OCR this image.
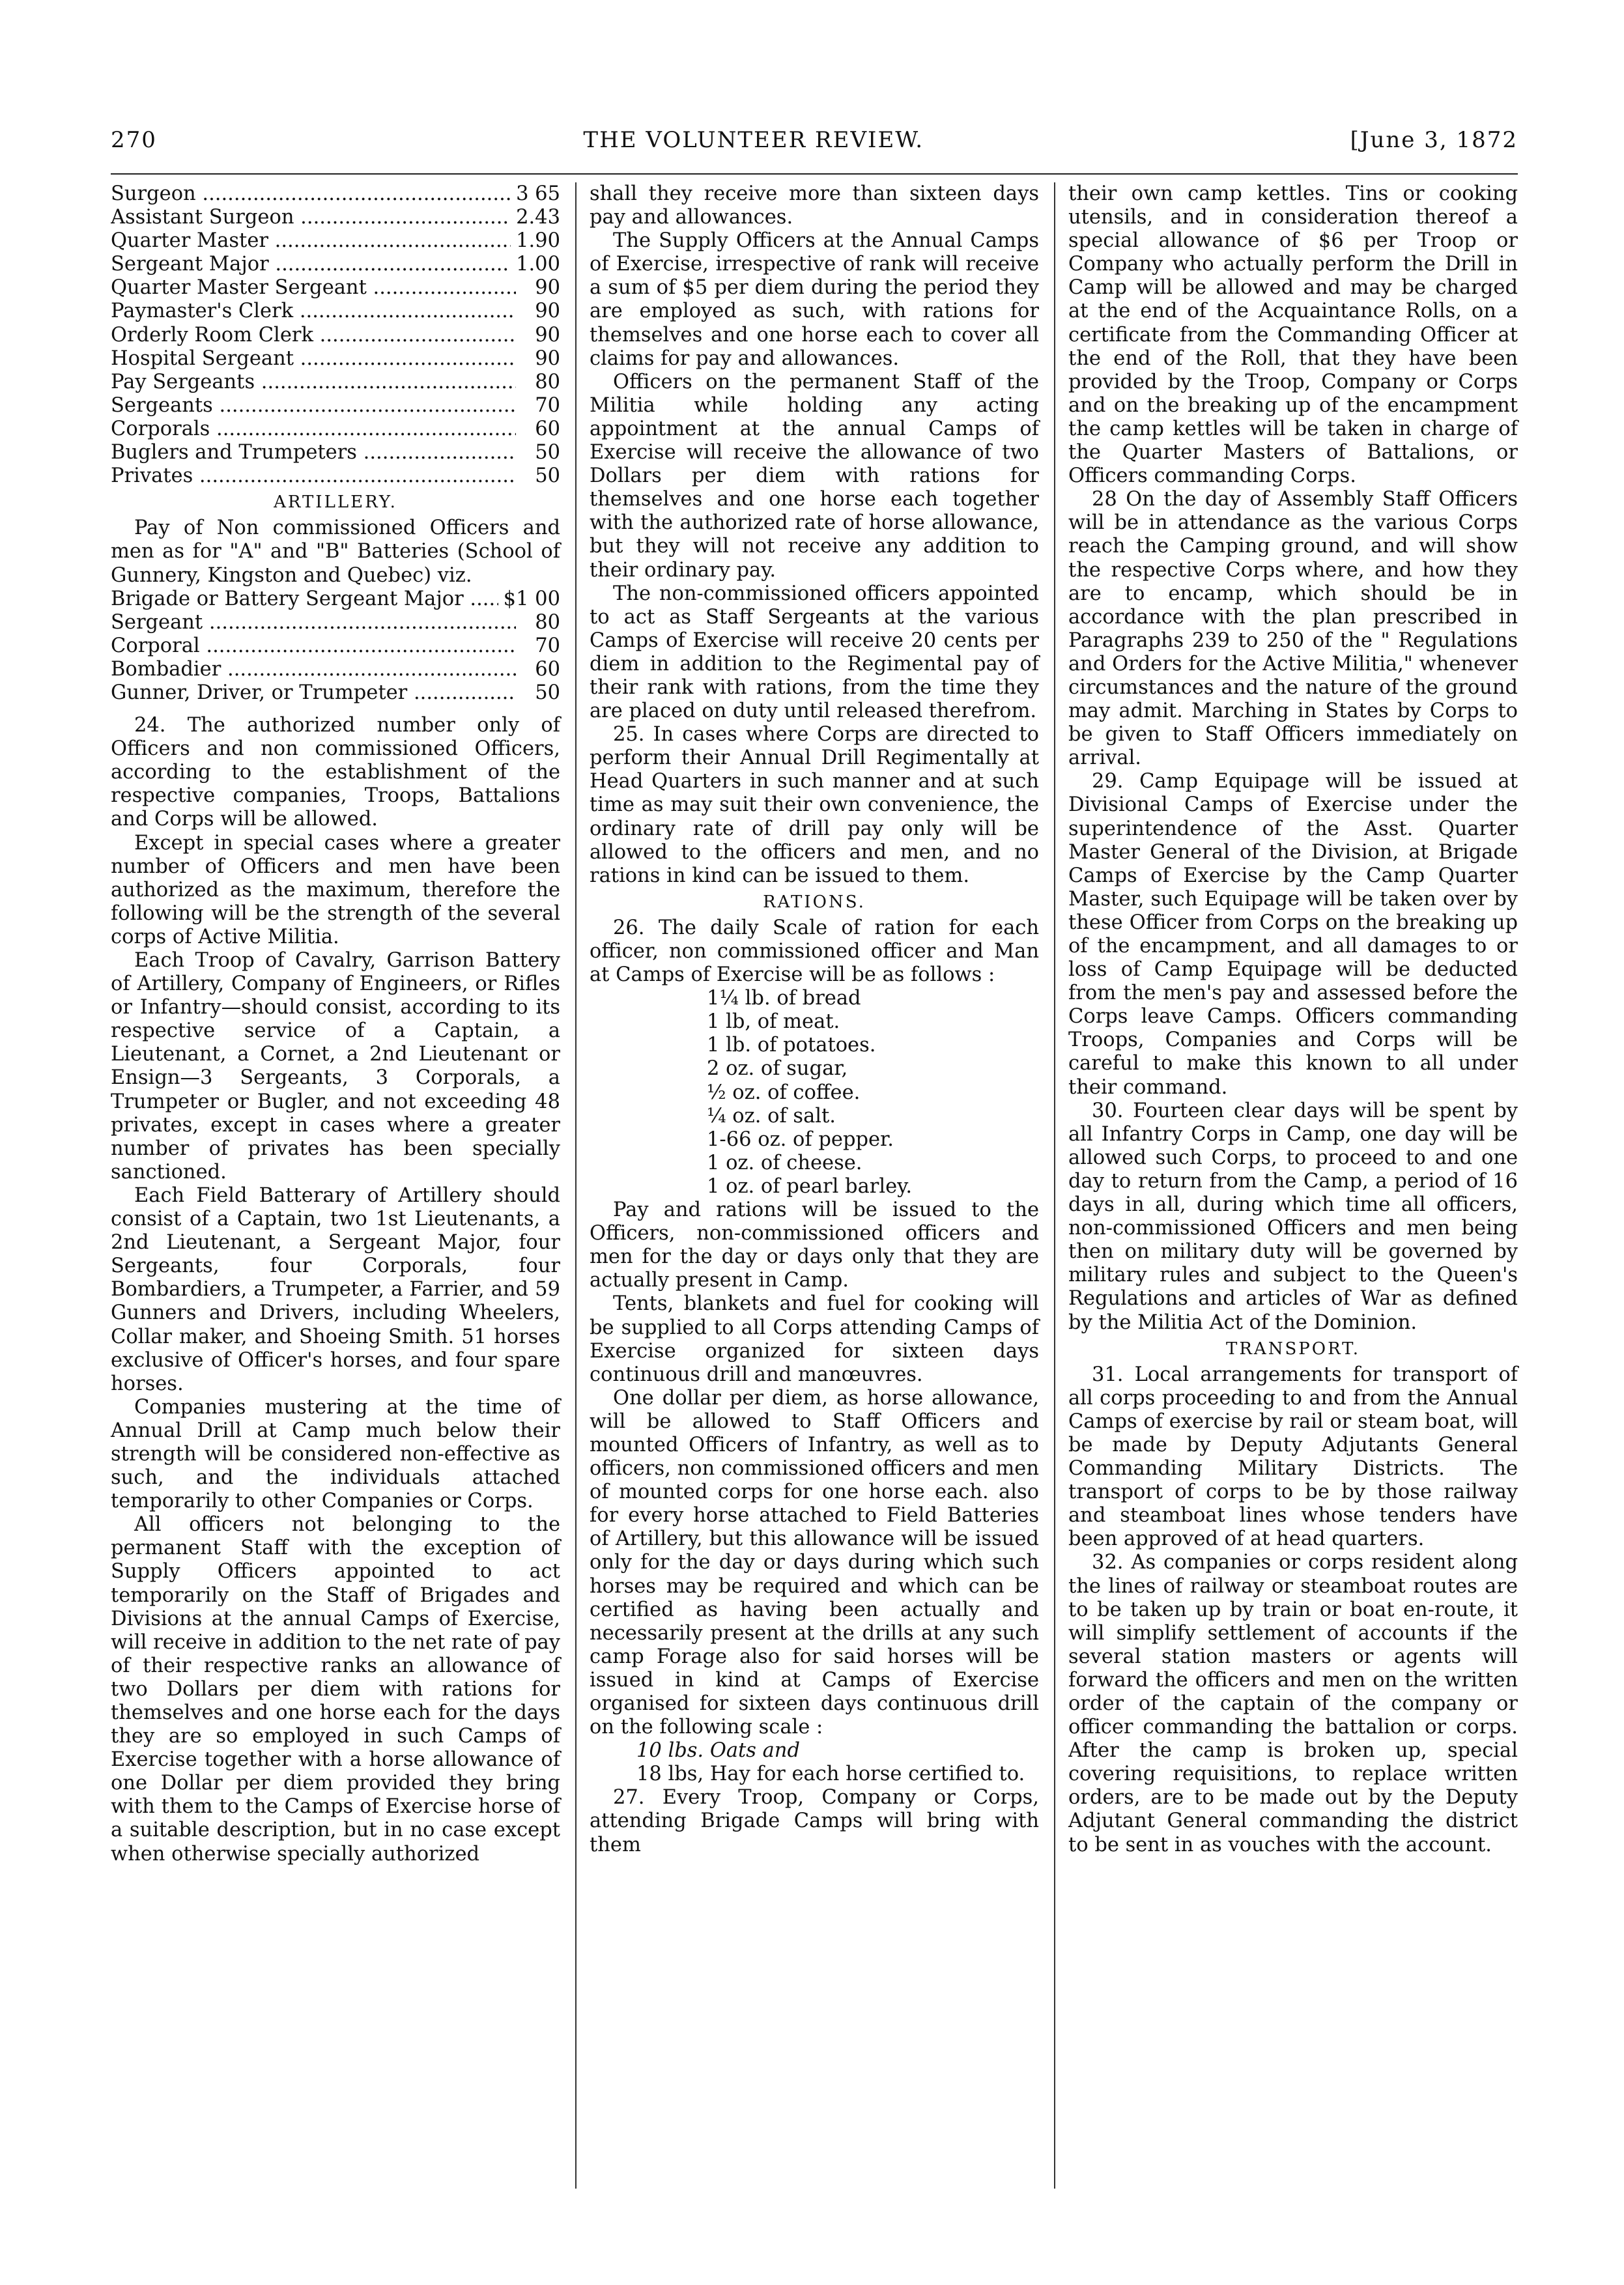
270	THE VOLUNTEER REVIEW.	[June 3, 1872
Surgeon .....	3 65
Assistant Surgeon .....	2.43
Quarter Master .....	1.90
Sergeant Major .....	1.00
Quarter Master Sergeant .....	90
Paymaster's Clerk .....	90
Orderly Room Clerk .....	90
Hospital Sergeant .....	90
Pay Sergeants .....	80
Sergeants .....	70
Corporals .....	60
Buglers and Trumpeters .....	50
Privates .....	50

ARTILLERY.

Pay of Non commissioned Officers and men as for "A" and "B" Batteries (School of Gunnery, Kingston and Quebec) viz.

Brigade or Battery Sergeant Major .....	$1 00
Sergeant .....	80
Corporal .....	70
Bombadier .....	60
Gunner, Driver, or Trumpeter .....	50

24. The authorized number only of Officers and non commissioned Officers, according to the establishment of the respective companies, Troops, Battalions and Corps will be allowed.

Except in special cases where a greater number of Officers and men have been authorized as the maximum, therefore the following will be the strength of the several corps of Active Militia.

Each Troop of Cavalry, Garrison Battery of Artillery, Company of Engineers, or Rifles or Infantry—should consist, according to its respective service of a Captain, a Lieutenant, a Cornet, a 2nd Lieutenant or Ensign—3 Sergeants, 3 Corporals, a Trumpeter or Bugler, and not exceeding 48 privates, except in cases where a greater number of privates has been specially sanctioned.

Each Field Batterary of Artillery should consist of a Captain, two 1st Lieutenants, a 2nd Lieutenant, a Sergeant Major, four Sergeants, four Corporals, four Bombardiers, a Trumpeter, a Farrier, and 59 Gunners and Drivers, including Wheelers, Collar maker, and Shoeing Smith. 51 horses exclusive of Officer's horses, and four spare horses.

Companies mustering at the time of Annual Drill at Camp much below their strength will be considered non-effective as such, and the individuals attached temporarily to other Companies or Corps.

All officers not belonging to the permanent Staff with the exception of Supply Officers appointed to act temporarily on the Staff of Brigades and Divisions at the annual Camps of Exercise, will receive in addition to the net rate of pay of their respective ranks an allowance of two Dollars per diem with rations for themselves and one horse each for the days they are so employed in such Camps of Exercise together with a horse allowance of one Dollar per diem provided they bring with them to the Camps of Exercise horse of a suitable description, but in no case except when otherwise specially authorized

shall they receive more than sixteen days pay and allowances.

The Supply Officers at the Annual Camps of Exercise, irrespective of rank will receive a sum of $5 per diem during the period they are employed as such, with rations for themselves and one horse each to cover all claims for pay and allowances.

Officers on the permanent Staff of the Militia while holding any acting appointment at the annual Camps of Exercise will receive the allowance of two Dollars per diem with rations for themselves and one horse each together with the authorized rate of horse allowance, but they will not receive any addition to their ordinary pay.

The non-commissioned officers appointed to act as Staff Sergeants at the various Camps of Exercise will receive 20 cents per diem in addition to the Regimental pay of their rank with rations, from the time they are placed on duty until released therefrom.

25. In cases where Corps are directed to perform their Annual Drill Regimentally at Head Quarters in such manner and at such time as may suit their own convenience, the ordinary rate of drill pay only will be allowed to the officers and men, and no rations in kind can be issued to them.

RATIONS.

26. The daily Scale of ration for each officer, non commissioned officer and Man at Camps of Exercise will be as follows :

1¼ lb. of bread

1 lb, of meat.

1 lb. of potatoes.

2 oz. of sugar,

½ oz. of coffee.

¼ oz. of salt.

1-66 oz. of pepper.

1 oz. of cheese.

1 oz. of pearl barley.

Pay and rations will be issued to the Officers, non-commissioned officers and men for the day or days only that they are actually present in Camp.

Tents, blankets and fuel for cooking will be supplied to all Corps attending Camps of Exercise organized for sixteen days continuous drill and manœuvres.

One dollar per diem, as horse allowance, will be allowed to Staff Officers and mounted Officers of Infantry, as well as to officers, non commissioned officers and men of mounted corps for one horse each. also for every horse attached to Field Batteries of Artillery, but this allowance will be issued only for the day or days during which such horses may be required and which can be certified as having been actually and necessarily present at the drills at any such camp Forage also for said horses will be issued in kind at Camps of Exercise organised for sixteen days continuous drill on the following scale :

10 lbs. Oats and

18 lbs, Hay for each horse certified to.

27. Every Troop, Company or Corps, attending Brigade Camps will bring with them

their own camp kettles. Tins or cooking utensils, and in consideration thereof a special allowance of $6 per Troop or Company who actually perform the Drill in Camp will be allowed and may be charged at the end of the Acquaintance Rolls, on a certificate from the Commanding Officer at the end of the Roll, that they have been provided by the Troop, Company or Corps and on the breaking up of the encampment the camp kettles will be taken in charge of the Quarter Masters of Battalions, or Officers commanding Corps.

28 On the day of Assembly Staff Officers will be in attendance as the various Corps reach the Camping ground, and will show the respective Corps where, and how they are to encamp, which should be in accordance with the plan prescribed in Paragraphs 239 to 250 of the " Regulations and Orders for the Active Militia," whenever circumstances and the nature of the ground may admit. Marching in States by Corps to be given to Staff Officers immediately on arrival.

29. Camp Equipage will be issued at Divisional Camps of Exercise under the superintendence of the Asst. Quarter Master General of the Division, at Brigade Camps of Exercise by the Camp Quarter Master, such Equipage will be taken over by these Officer from Corps on the breaking up of the encampment, and all damages to or loss of Camp Equipage will be deducted from the men's pay and assessed before the Corps leave Camps. Officers commanding Troops, Companies and Corps will be careful to make this known to all under their command.

30. Fourteen clear days will be spent by all Infantry Corps in Camp, one day will be allowed such Corps, to proceed to and one day to return from the Camp, a period of 16 days in all, during which time all officers, non-commissioned Officers and men being then on military duty will be governed by military rules and subject to the Queen's Regulations and articles of War as defined by the Militia Act of the Dominion.

TRANSPORT.

31. Local arrangements for transport of all corps proceeding to and from the Annual Camps of exercise by rail or steam boat, will be made by Deputy Adjutants General Commanding Military Districts. The transport of corps to be by those railway and steamboat lines whose tenders have been approved of at head quarters.

32. As companies or corps resident along the lines of railway or steamboat routes are to be taken up by train or boat en-route, it will simplify settlement of accounts if the several station masters or agents will forward the officers and men on the written order of the captain of the company or officer commanding the battalion or corps. After the camp is broken up, special covering requisitions, to replace written orders, are to be made out by the Deputy Adjutant General commanding the district to be sent in as vouches with the account.
